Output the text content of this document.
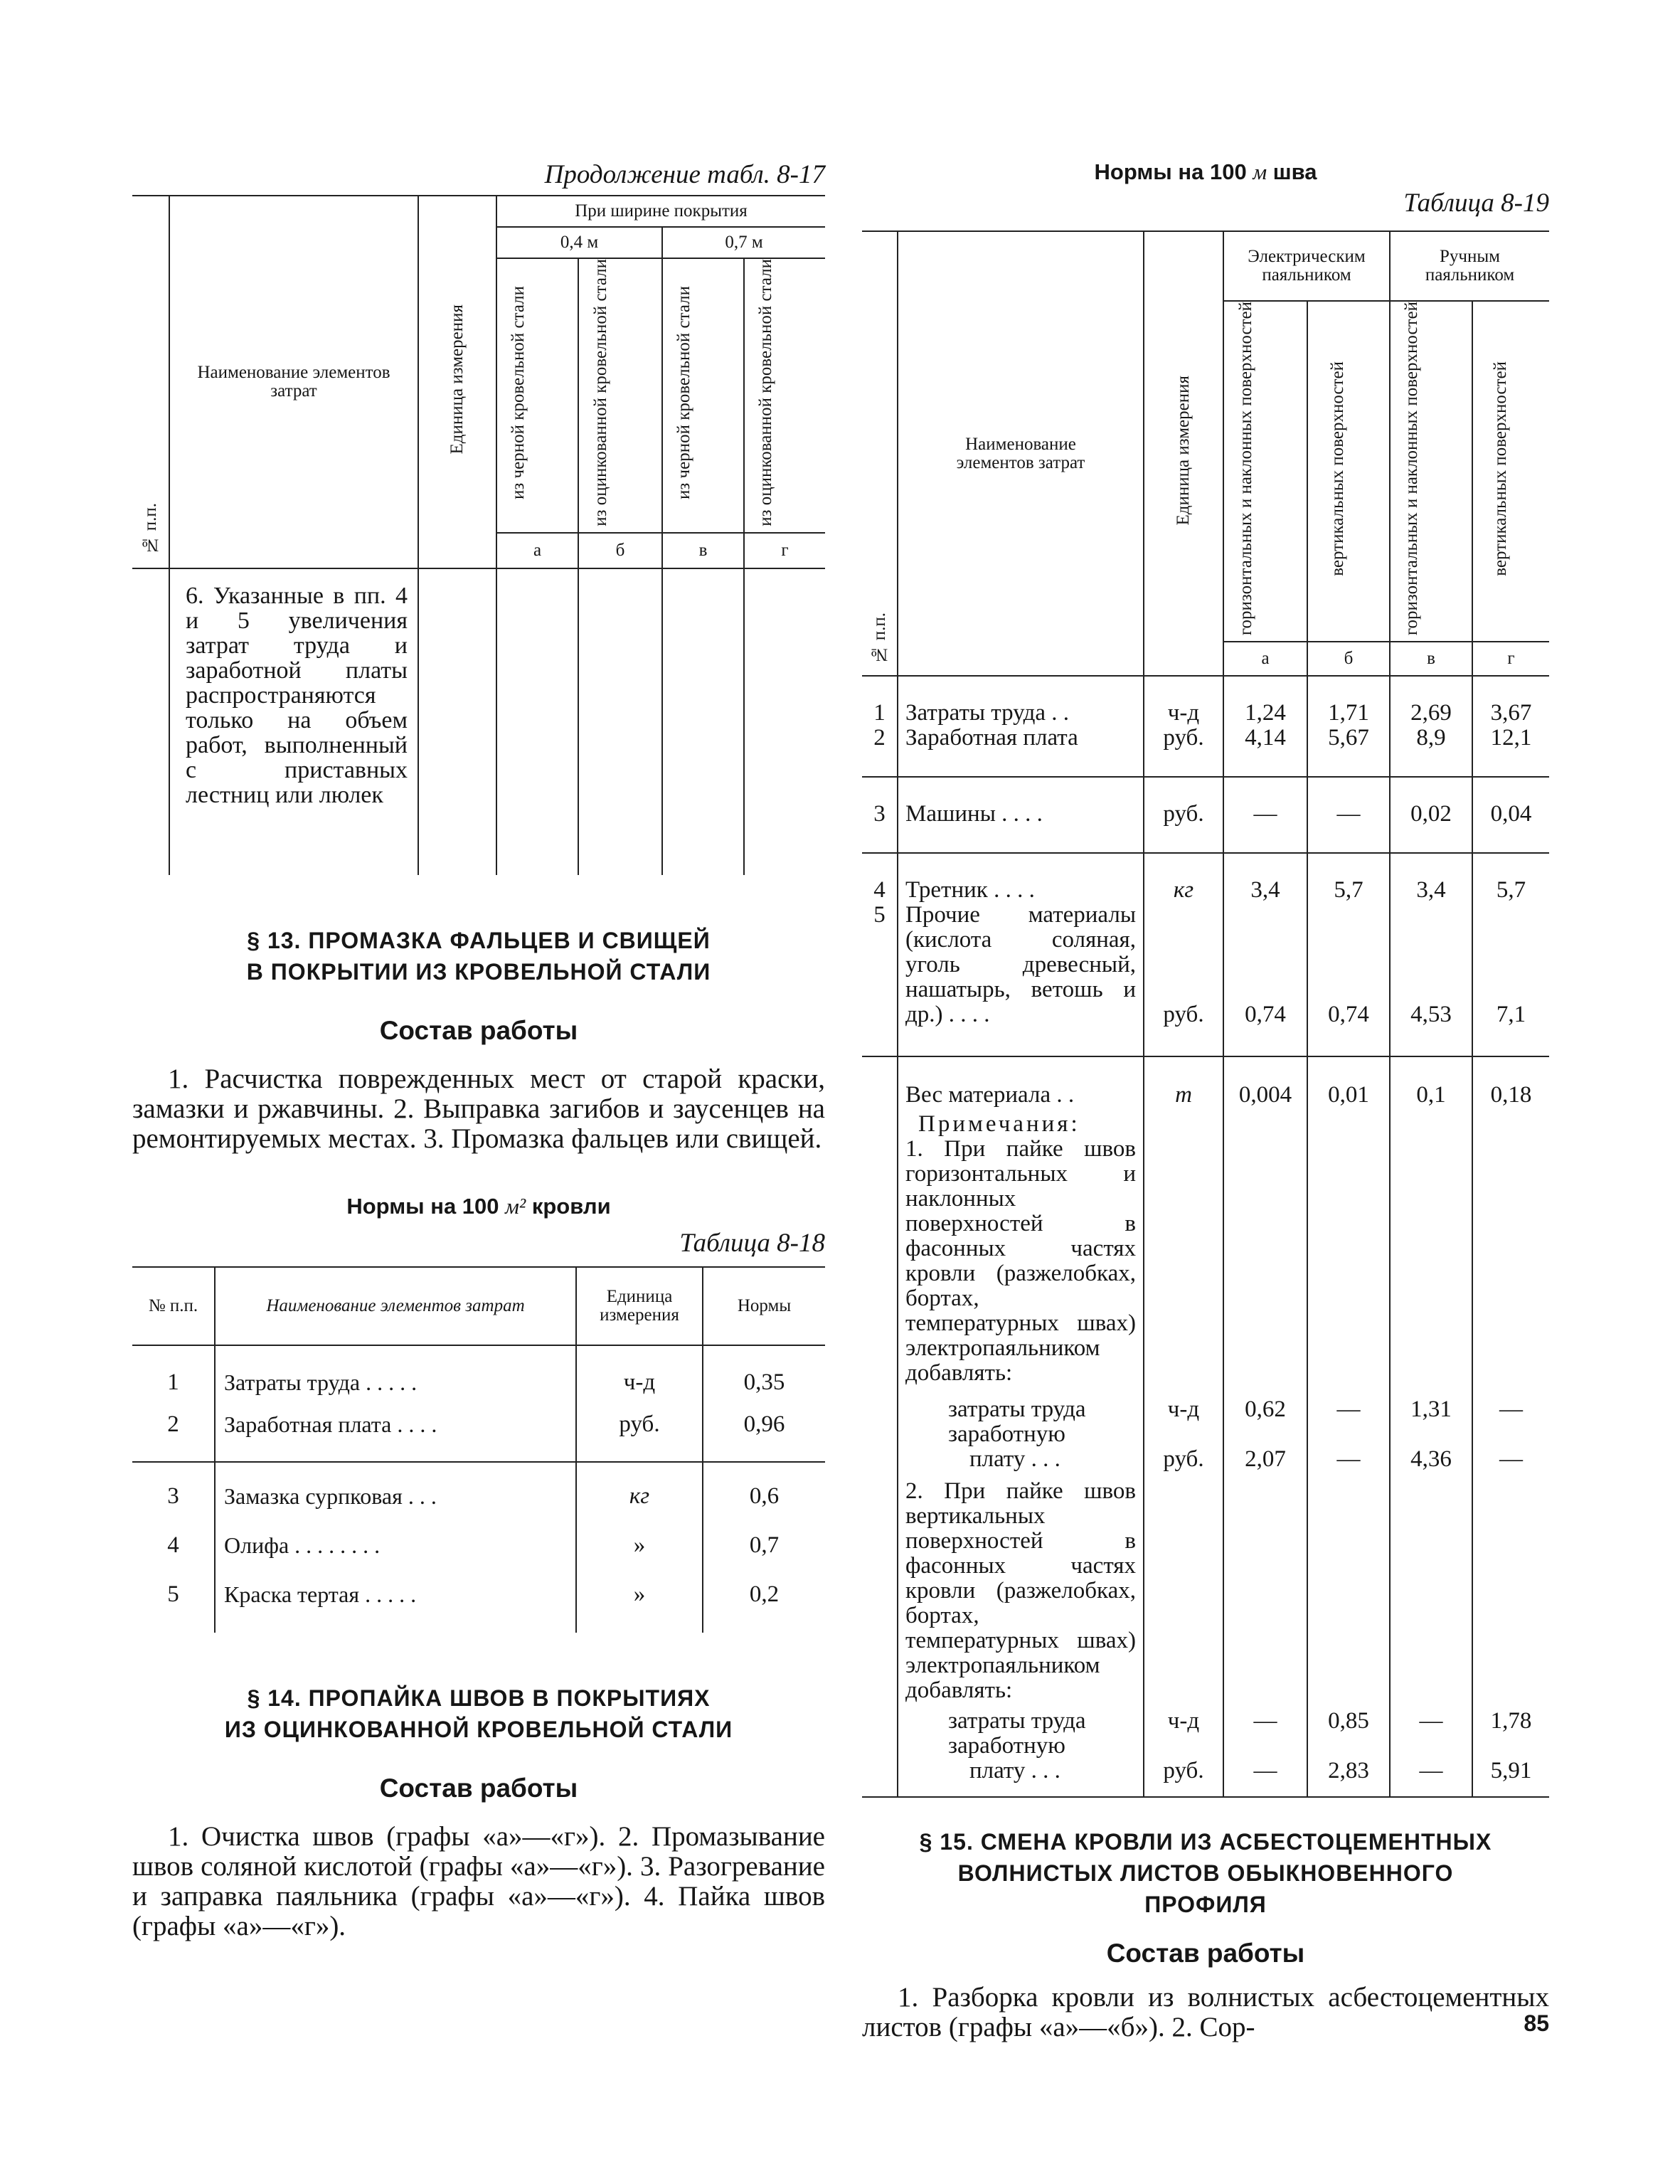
Продолжение табл. 8-17
№ п.п.	Наименование элементов затрат	Единица измерения	При ширине покрытия			
			0,4 м		0,7 м	
			из черной кровельной стали	из оцинкованной кровельной стали	из черной кровельной стали	из оцинкованной кровельной стали
			а	б	в	г
	6. Указанные в пп. 4 и 5 увеличения затрат труда и заработной платы распространяются только на объем работ, выполненный с приставных лестниц или люлек					
§ 13. ПРОМАЗКА ФАЛЬЦЕВ И СВИЩЕЙ
В ПОКРЫТИИ ИЗ КРОВЕЛЬНОЙ СТАЛИ
Состав работы

1. Расчистка поврежденных мест от старой краски, замазки и ржавчины. 2. Выправка загибов и заусенцев на ремонтируемых местах. 3. Промазка фальцев или свищей.

Нормы на 100 м² кровли
Таблица 8-18
№ п.п.	Наименование элементов затрат	Единица измерения	Нормы
1	Затраты труда . . . . .	ч-д	0,35
2	Заработная плата . . . .	руб.	0,96
3	Замазка сурпковая . . .	кг	0,6
4	Олифа . . . . . . . .	»	0,7
5	Краска тертая . . . . .	»	0,2
§ 14. ПРОПАЙКА ШВОВ В ПОКРЫТИЯХ
ИЗ ОЦИНКОВАННОЙ КРОВЕЛЬНОЙ СТАЛИ
Состав работы

1. Очистка швов (графы «а»—«г»). 2. Промазывание швов соляной кислотой (графы «а»—«г»). 3. Разогревание и заправка паяльника (графы «а»—«г»). 4. Пайка швов (графы «а»—«г»).

Нормы на 100 м шва
Таблица 8-19
№ п.п.	Наименование элементов затрат	Единица измерения	Электрическим паяльником		Ручным паяльником	
			горизонтальных и наклонных поверхностей	вертикальных поверхностей	горизонтальных и наклонных поверхностей	вертикальных поверхностей
			а	б	в	г
1	Затраты труда . .	ч-д	1,24	1,71	2,69	3,67
2	Заработная плата	руб.	4,14	5,67	8,9	12,1
3	Машины . . . .	руб.	—	—	0,02	0,04
4	Третник . . . .	кг	3,4	5,7	3,4	5,7
5	Прочие материалы (кислота соляная, уголь древесный, нашатырь, ветошь и др.) . . . .	руб.	0,74	0,74	4,53	7,1
	Вес материала . .	т	0,004	0,01	0,1	0,18

	Примечания:
1. При пайке швов горизонтальных и наклонных поверхностей в фасонных частях кровли (разжелобках, бортах, температурных швах) электропаяльником добавлять:					

	затраты труда	ч-д	0,62	—	1,31	—

	заработную
плату . . .	руб.	2,07	—	4,36	—
	2. При пайке швов вертикальных поверхностей в фасонных частях кровли (разжелобках, бортах, температурных швах) электропаяльником добавлять:					
	затраты труда	ч-д	—	0,85	—	1,78

	заработную
плату . . .	руб.	—	2,83	—	5,91
§ 15. СМЕНА КРОВЛИ ИЗ АСБЕСТОЦЕМЕНТНЫХ
ВОЛНИСТЫХ ЛИСТОВ ОБЫКНОВЕННОГО
ПРОФИЛЯ
Состав работы

1. Разборка кровли из волнистых асбестоцементных листов (графы «а»—«б»). 2. Сор-	85
